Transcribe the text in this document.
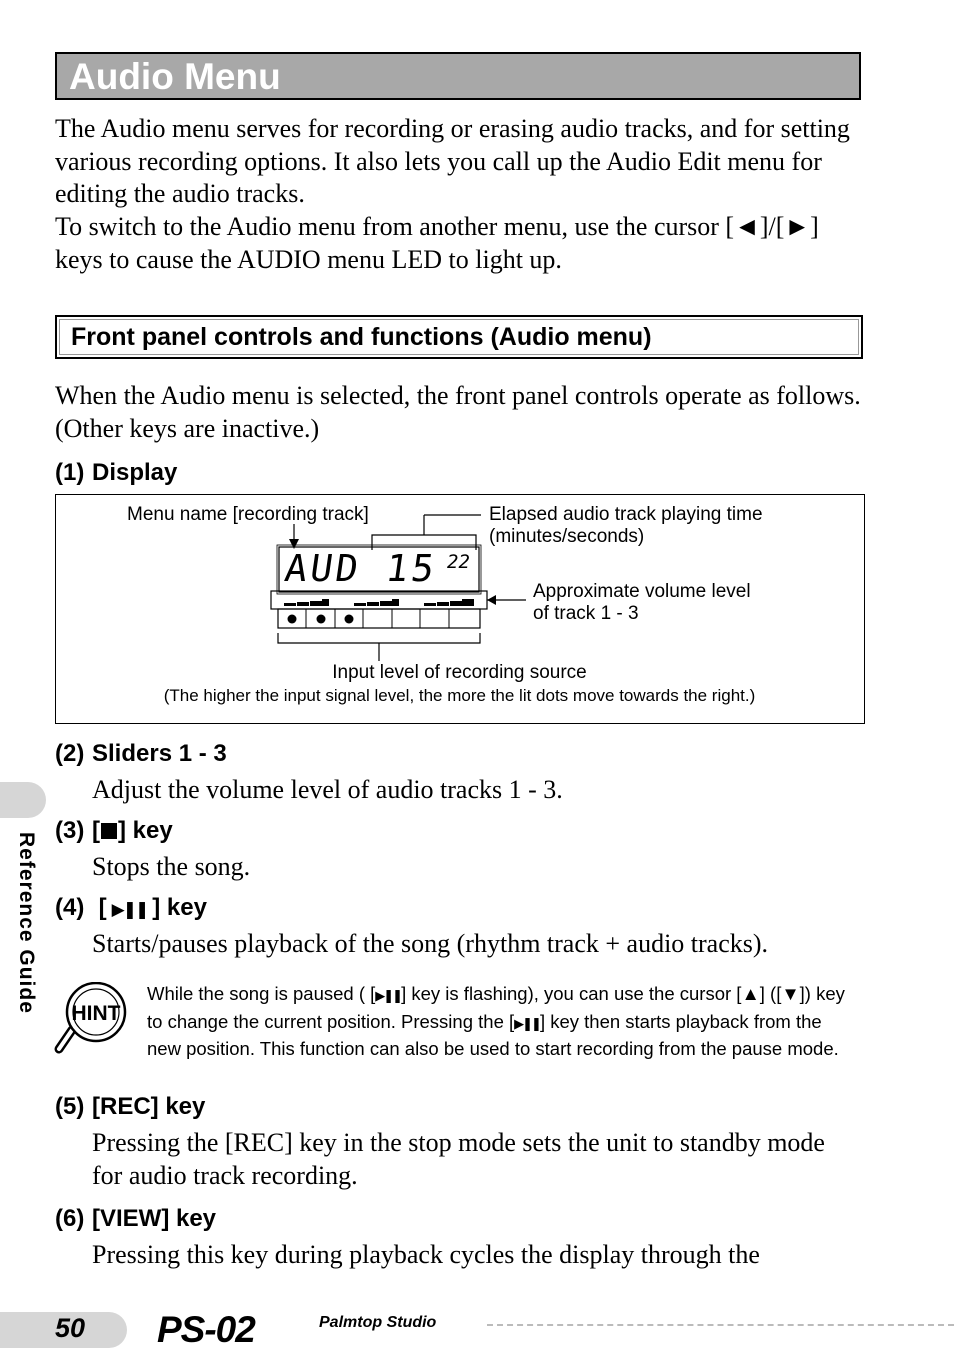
Audio Menu

The Audio menu serves for recording or erasing audio tracks, and for setting various recording options. It also lets you call up the Audio Edit menu for editing the audio tracks.

To switch to the Audio menu from another menu, use the cursor [◄]/[►] keys to cause the AUDIO menu LED to light up.

Front panel controls and functions (Audio menu)

When the Audio menu is selected, the front panel controls operate as follows. (Other keys are inactive.)

(1) Display

AUD 15 22
Menu name [recording track]	Elapsed audio track playing time
(minutes/seconds)
Approximate volume level
of track 1 - 3
Input level of recording source
(The higher the input signal level, the more the lit dots move towards the right.)

(2) Sliders 1 - 3

Adjust the volume level of audio tracks 1 - 3.

(3) [ ] key

Stops the song.

(4) [ ▶❚❚ ] key

Starts/pauses playback of the song (rhythm track + audio tracks).

HINT

While the song is paused ( [▶❚❚] key is flashing), you can use the cursor [▲] ([▼]) key to change the current position. Pressing the [▶❚❚] key then starts playback from the new position. This function can also be used to start recording from the pause mode.

(5) [REC] key

Pressing the [REC] key in the stop mode sets the unit to standby mode for audio track recording.

(6) [VIEW] key

Pressing this key during playback cycles the display through the

Reference Guide
50 PS-02	Palmtop Studio
